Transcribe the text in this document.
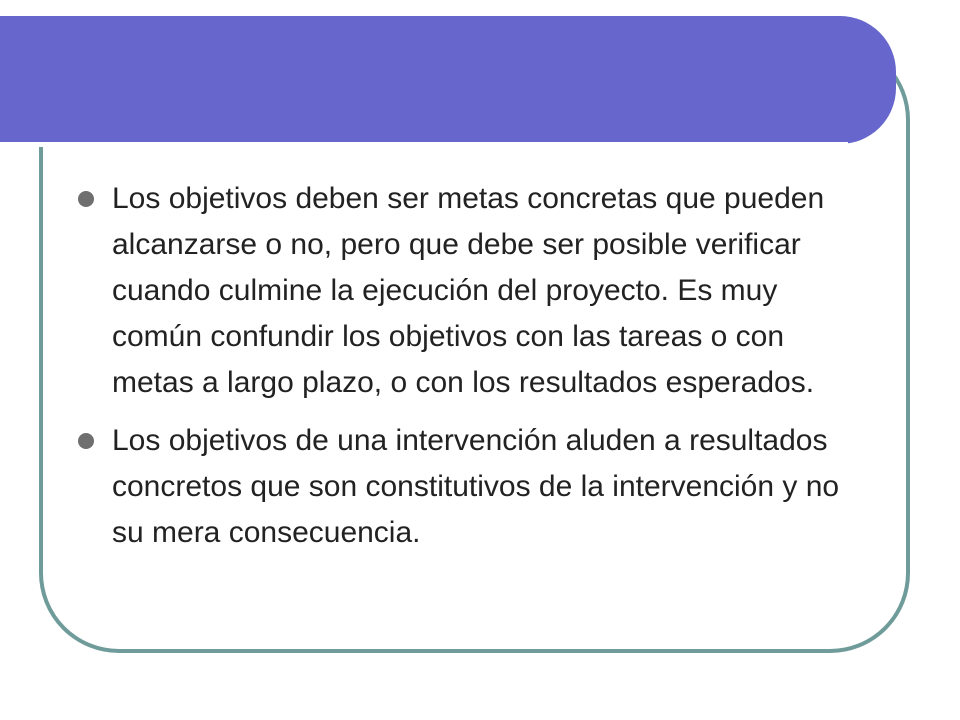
Los objetivos deben ser metas concretas que pueden alcanzarse o no, pero que debe ser posible verificar cuando culmine la ejecución del proyecto. Es muy común confundir los objetivos con las tareas o con metas a largo plazo, o con los resultados esperados.
Los objetivos de una intervención aluden a resultados concretos que son constitutivos de la intervención y no su mera consecuencia.
